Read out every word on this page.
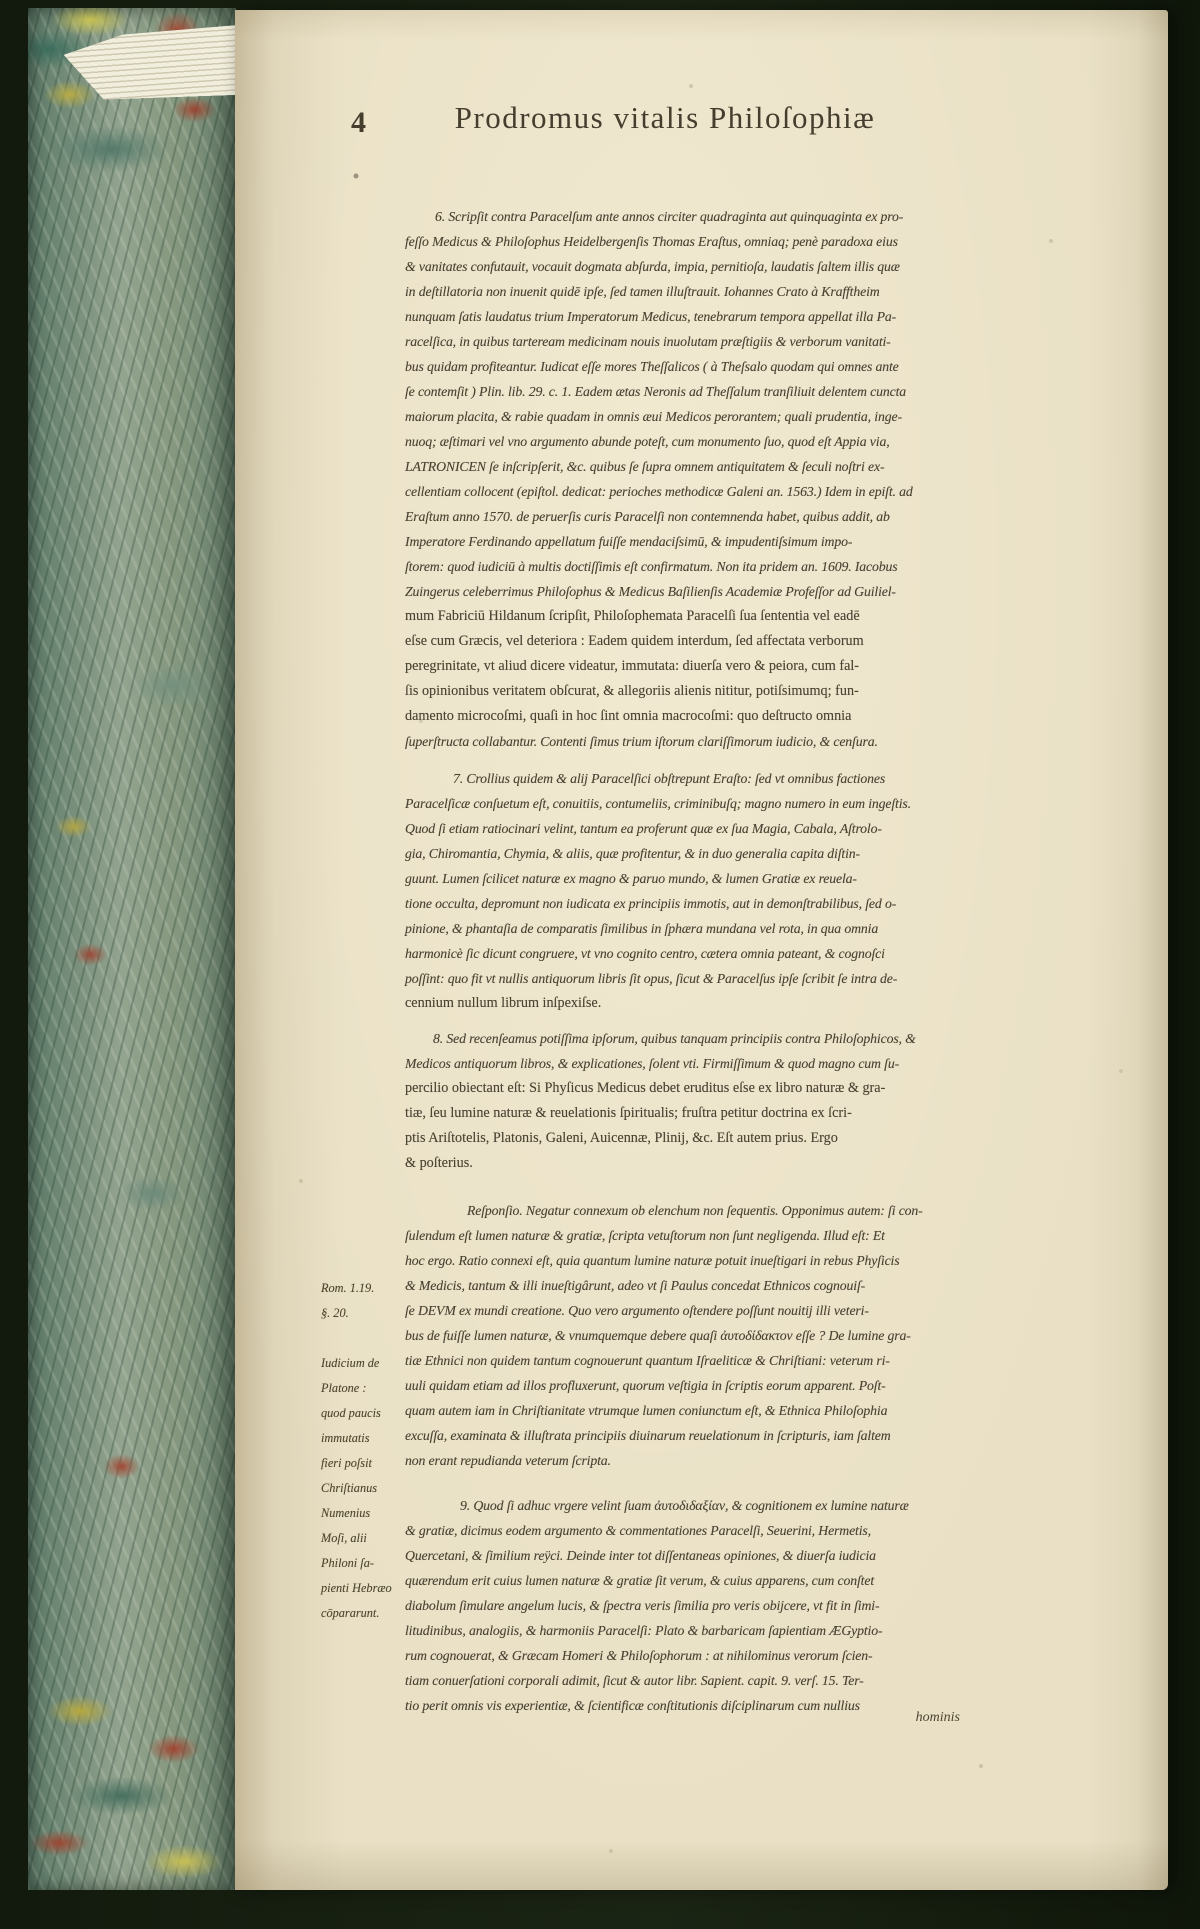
4	Prodromus vitalis Philoſophiæ
Rom. 1.19.
§. 20.
Iudicium de
Platone :
quod paucis
immutatis
fieri poſsit
Chriſtianus
Numenius
Moſi, alii
Philoni ſa-
pienti Hebræo
cōpararunt.
6. Scripſit contra Paracelſum ante annos circiter quadraginta aut quinquaginta ex pro-
feſſo Medicus & Philoſophus Heidelbergenſis Thomas Eraſtus, omniaq; penè paradoxa eius
& vanitates confutauit, vocauit dogmata abſurda, impia, pernitioſa, laudatis ſaltem illis quæ
in deſtillatoria non inuenit quidē ipſe, ſed tamen illuſtrauit. Iohannes Crato à Krafftheim
nunquam ſatis laudatus trium Imperatorum Medicus, tenebrarum tempora appellat illa Pa-
racelſica, in quibus tarteream medicinam nouis inuolutam præſtigiis & verborum vanitati-
bus quidam profiteantur. Iudicat eſſe mores Theſſalicos ( à Theſsalo quodam qui omnes ante
ſe contemſit ) Plin. lib. 29. c. 1. Eadem ætas Neronis ad Theſſalum tranſiliuit delentem cuncta
maiorum placita, & rabie quadam in omnis æui Medicos perorantem; quali prudentia, inge-
nuoq; æſtimari vel vno argumento abunde poteſt, cum monumento ſuo, quod eſt Appia via,
LATRONICEN ſe inſcripſerit, &c. quibus ſe ſupra omnem antiquitatem & ſeculi noſtri ex-
cellentiam collocent (epiſtol. dedicat: perioches methodicæ Galeni an. 1563.) Idem in epiſt. ad
Eraſtum anno 1570. de peruerſis curis Paracelſi non contemnenda habet, quibus addit, ab
Imperatore Ferdinando appellatum fuiſſe mendaciſsimū, & impudentiſsimum impo-
ſtorem: quod iudiciū à multis doctiſſimis eſt confirmatum. Non ita pridem an. 1609. Iacobus
Zuingerus celeberrimus Philoſophus & Medicus Baſilienſis Academiæ Profeſſor ad Guiliel-
mum Fabriciū Hildanum ſcripſit, Philoſophemata Paracelſi ſua ſententia vel eadē
eſse cum Græcis, vel deteriora : Eadem quidem interdum, ſed affectata verborum
peregrinitate, vt aliud dicere videatur, immutata: diuerſa vero & peiora, cum fal-
ſis opinionibus veritatem obſcurat, & allegoriis alienis nititur, potiſsimumq; fun-
damento microcoſmi, quaſi in hoc ſint omnia macrocoſmi: quo deſtructo omnia
ſuperſtructa collabantur. Contenti ſimus trium iſtorum clariſſimorum iudicio, & cenſura.
7. Crollius quidem & alij Paracelſici obſtrepunt Eraſto: ſed vt omnibus factiones
Paracelſicæ conſuetum eſt, conuitiis, contumeliis, criminibuſq; magno numero in eum ingeſtis.
Quod ſi etiam ratiocinari velint, tantum ea proferunt quæ ex ſua Magia, Cabala, Aſtrolo-
gia, Chiromantia, Chymia, & aliis, quæ profitentur, & in duo generalia capita diſtin-
guunt. Lumen ſcilicet naturæ ex magno & paruo mundo, & lumen Gratiæ ex reuela-
tione occulta, depromunt non iudicata ex principiis immotis, aut in demonſtrabilibus, ſed o-
pinione, & phantaſia de comparatis ſimilibus in ſphæra mundana vel rota, in qua omnia
harmonicè ſic dicunt congruere, vt vno cognito centro, cætera omnia pateant, & cognoſci
poſſint: quo fit vt nullis antiquorum libris ſit opus, ſicut & Paracelſus ipſe ſcribit ſe intra de-
cennium nullum librum inſpexiſse.
8. Sed recenſeamus potiſſima ipſorum, quibus tanquam principiis contra Philoſophicos, &
Medicos antiquorum libros, & explicationes, ſolent vti. Firmiſſimum & quod magno cum ſu-
percilio obiectant eſt: Si Phyſicus Medicus debet eruditus eſse ex libro naturæ & gra-
tiæ, ſeu lumine naturæ & reuelationis ſpiritualis; fruſtra petitur doctrina ex ſcri-
ptis Ariſtotelis, Platonis, Galeni, Auicennæ, Plinij, &c. Eſt autem prius. Ergo
& poſterius.
Reſponſio. Negatur connexum ob elenchum non ſequentis. Opponimus autem: ſi con-
ſulendum eſt lumen naturæ & gratiæ, ſcripta vetuſtorum non ſunt negligenda. Illud eſt: Et
hoc ergo. Ratio connexi eſt, quia quantum lumine naturæ potuit inueſtigari in rebus Phyſicis
& Medicis, tantum & illi inueſtigârunt, adeo vt ſi Paulus concedat Ethnicos cognouiſ-
ſe DEVM ex mundi creatione. Quo vero argumento oſtendere poſſunt nouitij illi veteri-
bus de fuiſſe lumen naturæ, & vnumquemque debere quaſi ἀυτοδίδακτον eſſe ? De lumine gra-
tiæ Ethnici non quidem tantum cognouerunt quantum Iſraeliticæ & Chriſtiani: veterum ri-
uuli quidam etiam ad illos profluxerunt, quorum veſtigia in ſcriptis eorum apparent. Poſt-
quam autem iam in Chriſtianitate vtrumque lumen coniunctum eſt, & Ethnica Philoſophia
excuſſa, examinata & illuſtrata principiis diuinarum reuelationum in ſcripturis, iam ſaltem
non erant repudianda veterum ſcripta.
9. Quod ſi adhuc vrgere velint ſuam ἀυτοδιδαξίαν, & cognitionem ex lumine naturæ
& gratiæ, dicimus eodem argumento & commentationes Paracelſi, Seuerini, Hermetis,
Quercetani, & ſimilium reÿci. Deinde inter tot diſſentaneas opiniones, & diuerſa iudicia
quærendum erit cuius lumen naturæ & gratiæ ſit verum, & cuius apparens, cum conſtet
diabolum ſimulare angelum lucis, & ſpectra veris ſimilia pro veris obijcere, vt fit in ſimi-
litudinibus, analogiis, & harmoniis Paracelſi: Plato & barbaricam ſapientiam ÆGyptio-
rum cognouerat, & Græcam Homeri & Philoſophorum : at nihilominus verorum ſcien-
tiam conuerſationi corporali adimit, ſicut & autor libr. Sapient. capit. 9. verſ. 15. Ter-
tio perit omnis vis experientiæ, & ſcientificæ conſtitutionis diſciplinarum cum nullius
hominis
